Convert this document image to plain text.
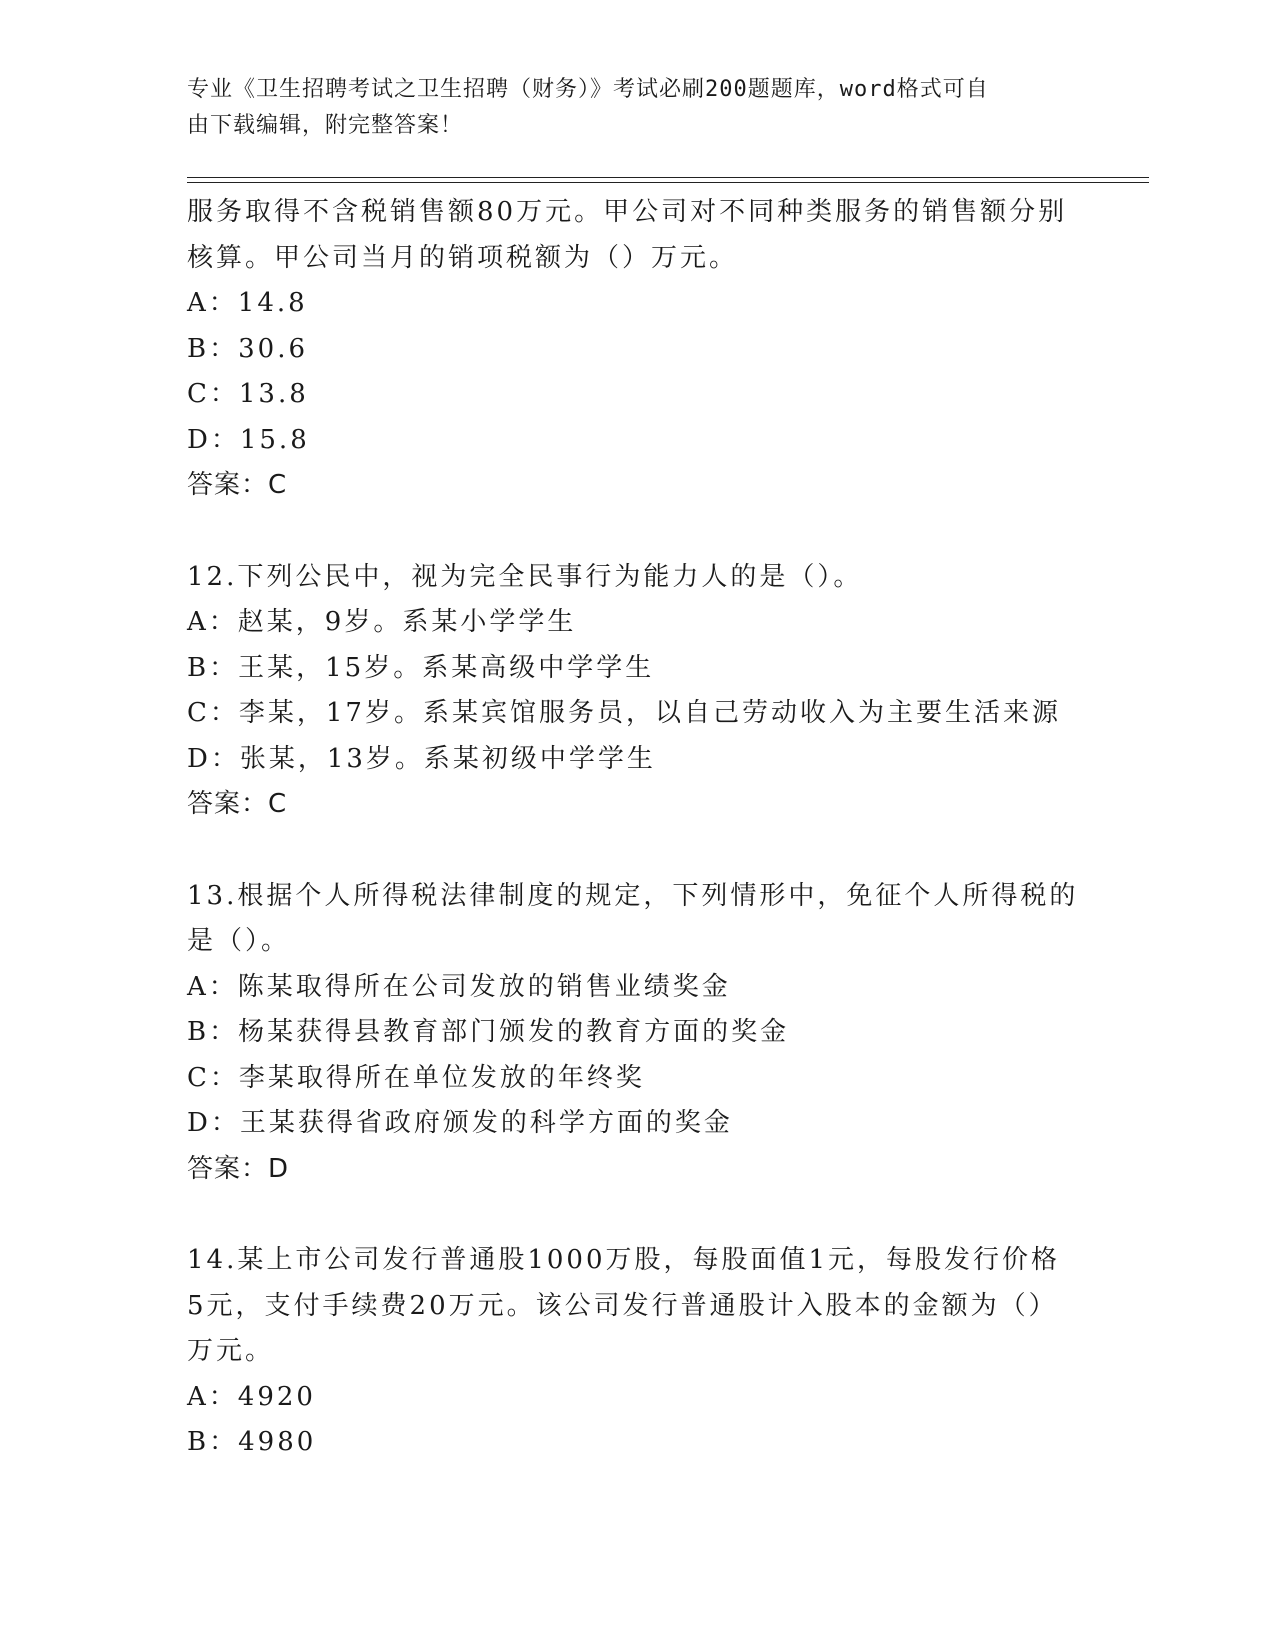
专业《卫生招聘考试之卫生招聘（财务）》考试必刷200题题库，word格式可自
由下载编辑，附完整答案！
服务取得不含税销售额80万元。甲公司对不同种类服务的销售额分别
核算。甲公司当月的销项税额为（）万元。
A：14.8
B：30.6
C：13.8
D：15.8
答案：C
12.下列公民中，视为完全民事行为能力人的是（）。
A：赵某，9岁。系某小学学生
B：王某，15岁。系某高级中学学生
C：李某，17岁。系某宾馆服务员，以自己劳动收入为主要生活来源
D：张某，13岁。系某初级中学学生
答案：C
13.根据个人所得税法律制度的规定，下列情形中，免征个人所得税的
是（）。
A：陈某取得所在公司发放的销售业绩奖金
B：杨某获得县教育部门颁发的教育方面的奖金
C：李某取得所在单位发放的年终奖
D：王某获得省政府颁发的科学方面的奖金
答案：D
14.某上市公司发行普通股1000万股，每股面值1元，每股发行价格
5元，支付手续费20万元。该公司发行普通股计入股本的金额为（）
万元。
A：4920
B：4980
